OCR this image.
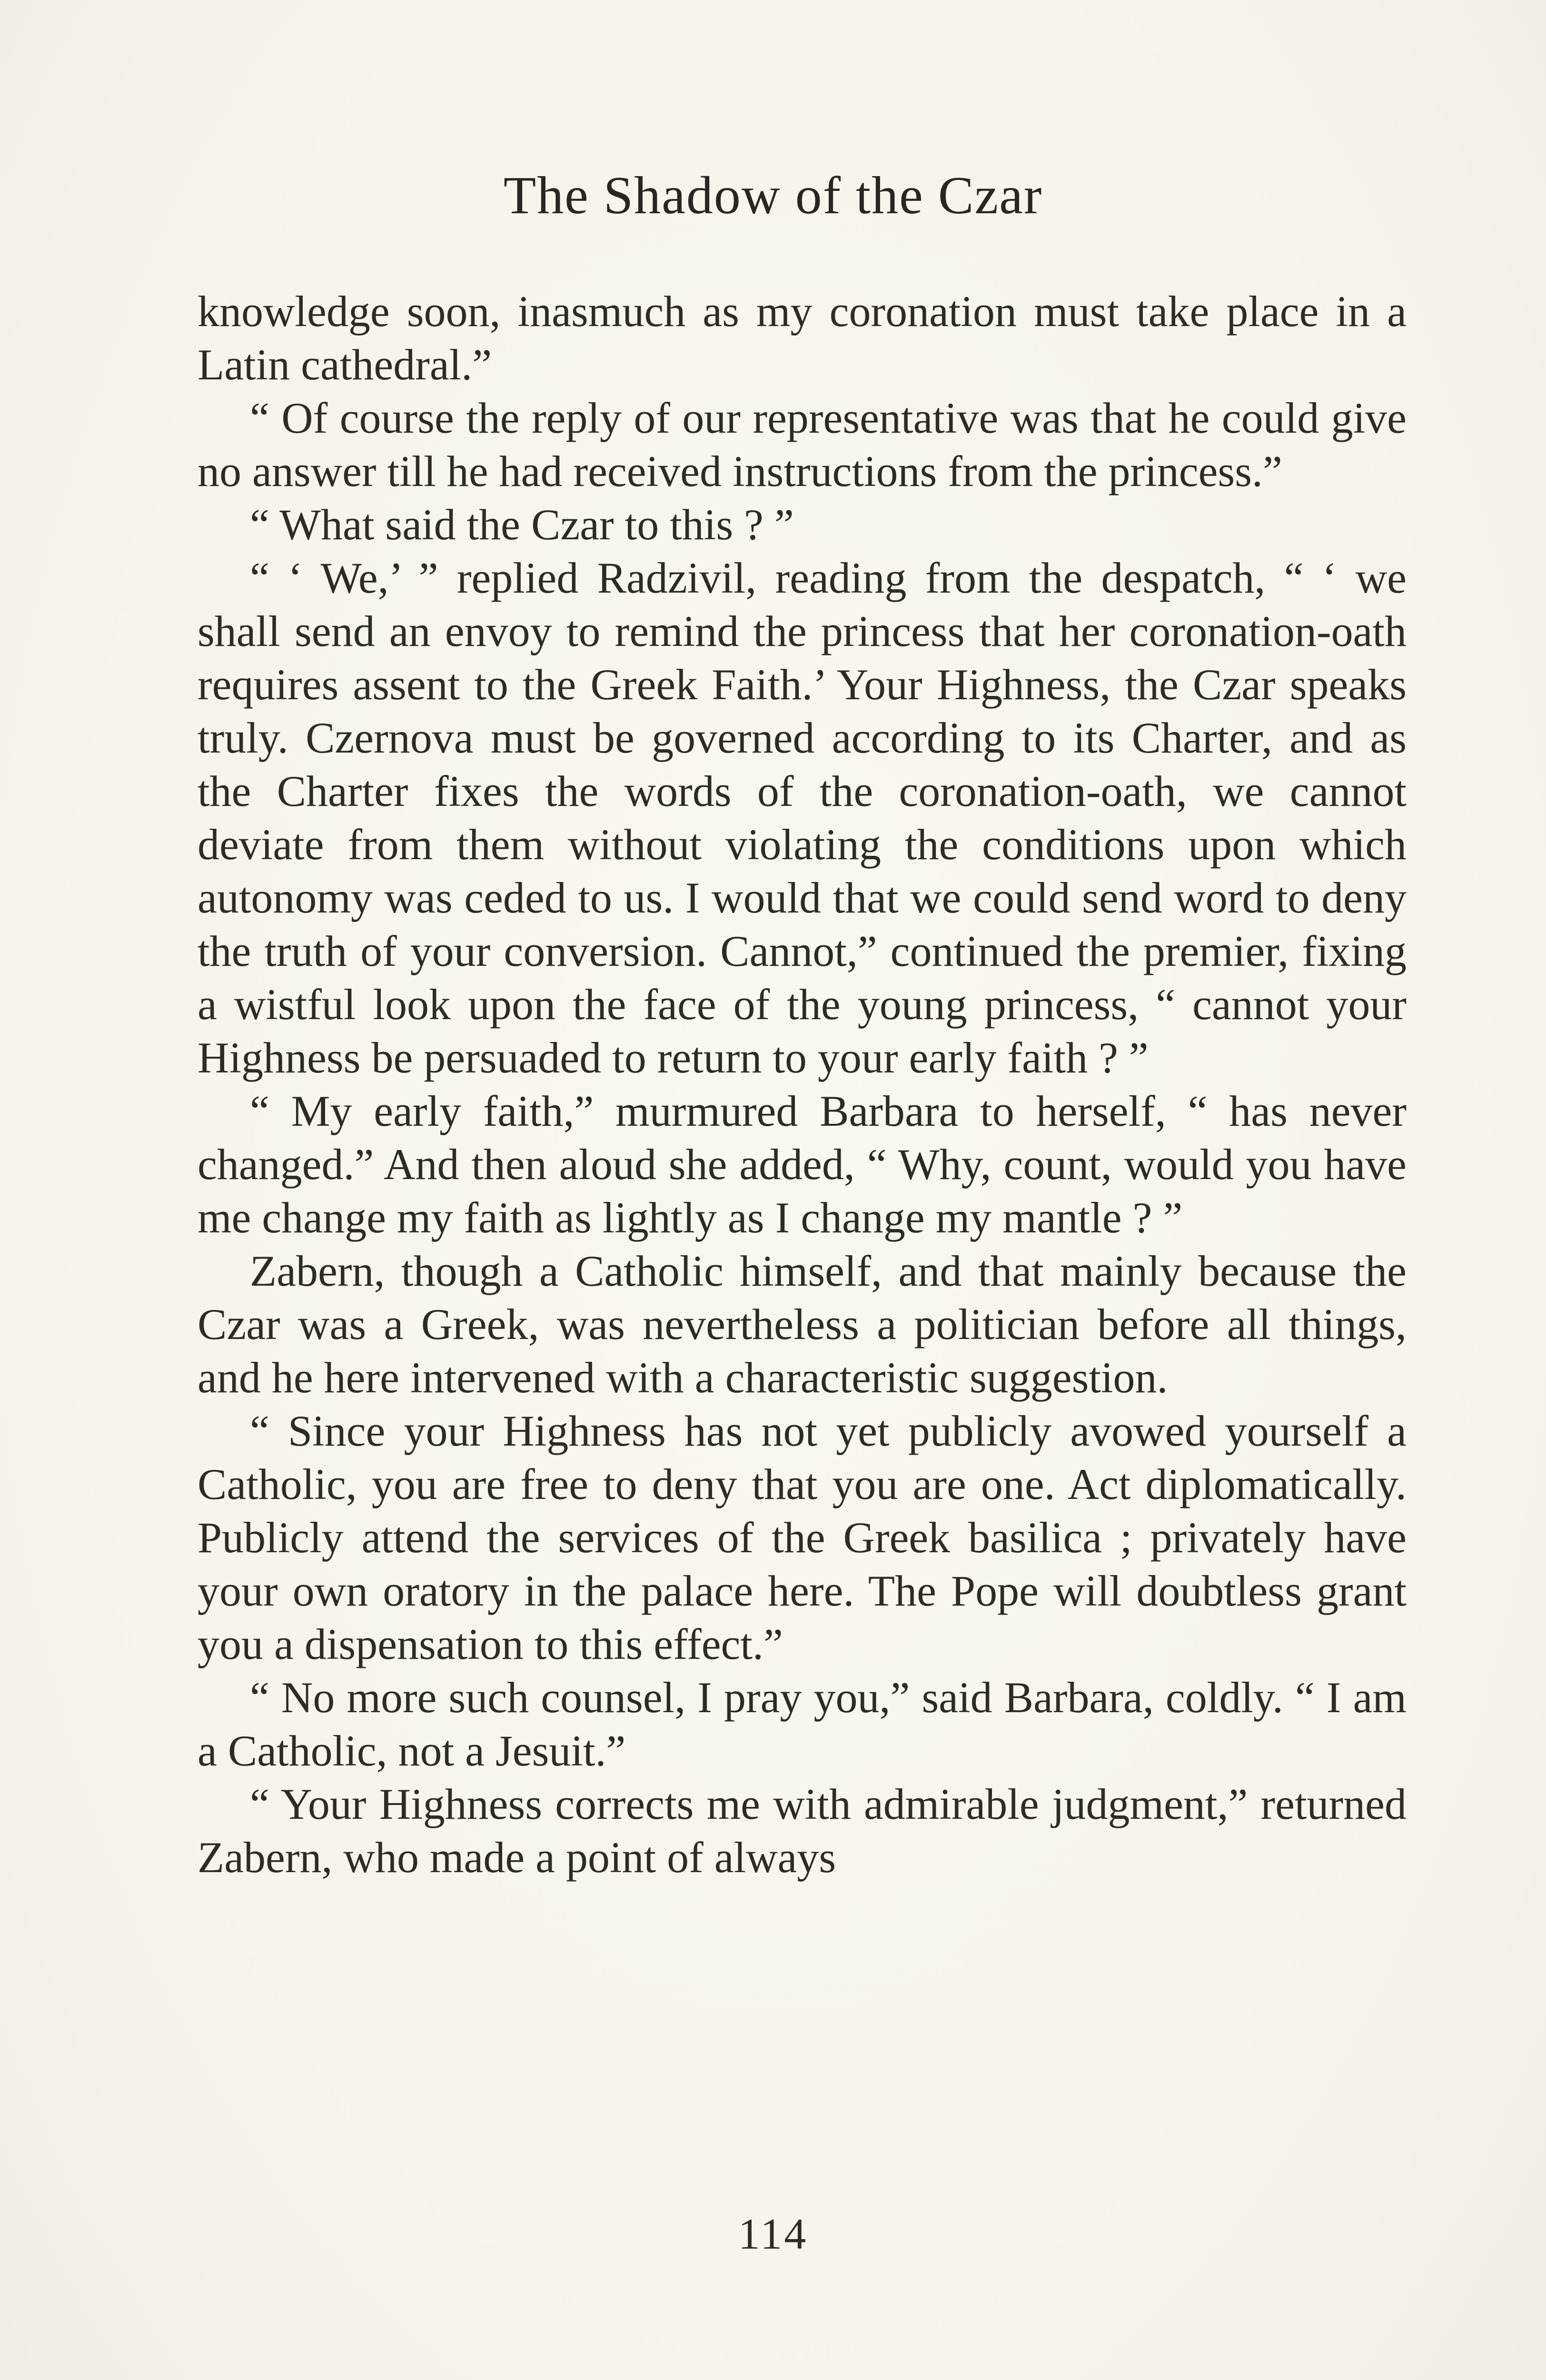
The Shadow of the Czar

knowledge soon, inasmuch as my coronation must take place in a Latin cathedral.”

“ Of course the reply of our representative was that he could give no answer till he had received instructions from the princess.”

“ What said the Czar to this ? ”

“ ‘ We,’ ” replied Radzivil, reading from the despatch, “ ‘ we shall send an envoy to remind the princess that her coronation-oath requires assent to the Greek Faith.’ Your Highness, the Czar speaks truly. Czernova must be governed according to its Charter, and as the Charter fixes the words of the coronation-oath, we cannot deviate from them without violating the conditions upon which autonomy was ceded to us. I would that we could send word to deny the truth of your conversion. Cannot,” continued the premier, fixing a wistful look upon the face of the young princess, “ cannot your Highness be persuaded to return to your early faith ? ”

“ My early faith,” murmured Barbara to herself, “ has never changed.” And then aloud she added, “ Why, count, would you have me change my faith as lightly as I change my mantle ? ”

Zabern, though a Catholic himself, and that mainly because the Czar was a Greek, was nevertheless a politician before all things, and he here intervened with a characteristic suggestion.

“ Since your Highness has not yet publicly avowed yourself a Catholic, you are free to deny that you are one. Act diplomatically. Publicly attend the services of the Greek basilica ; privately have your own oratory in the palace here. The Pope will doubtless grant you a dispensation to this effect.”

“ No more such counsel, I pray you,” said Barbara, coldly. “ I am a Catholic, not a Jesuit.”

“ Your Highness corrects me with admirable judgment,” returned Zabern, who made a point of always

114
